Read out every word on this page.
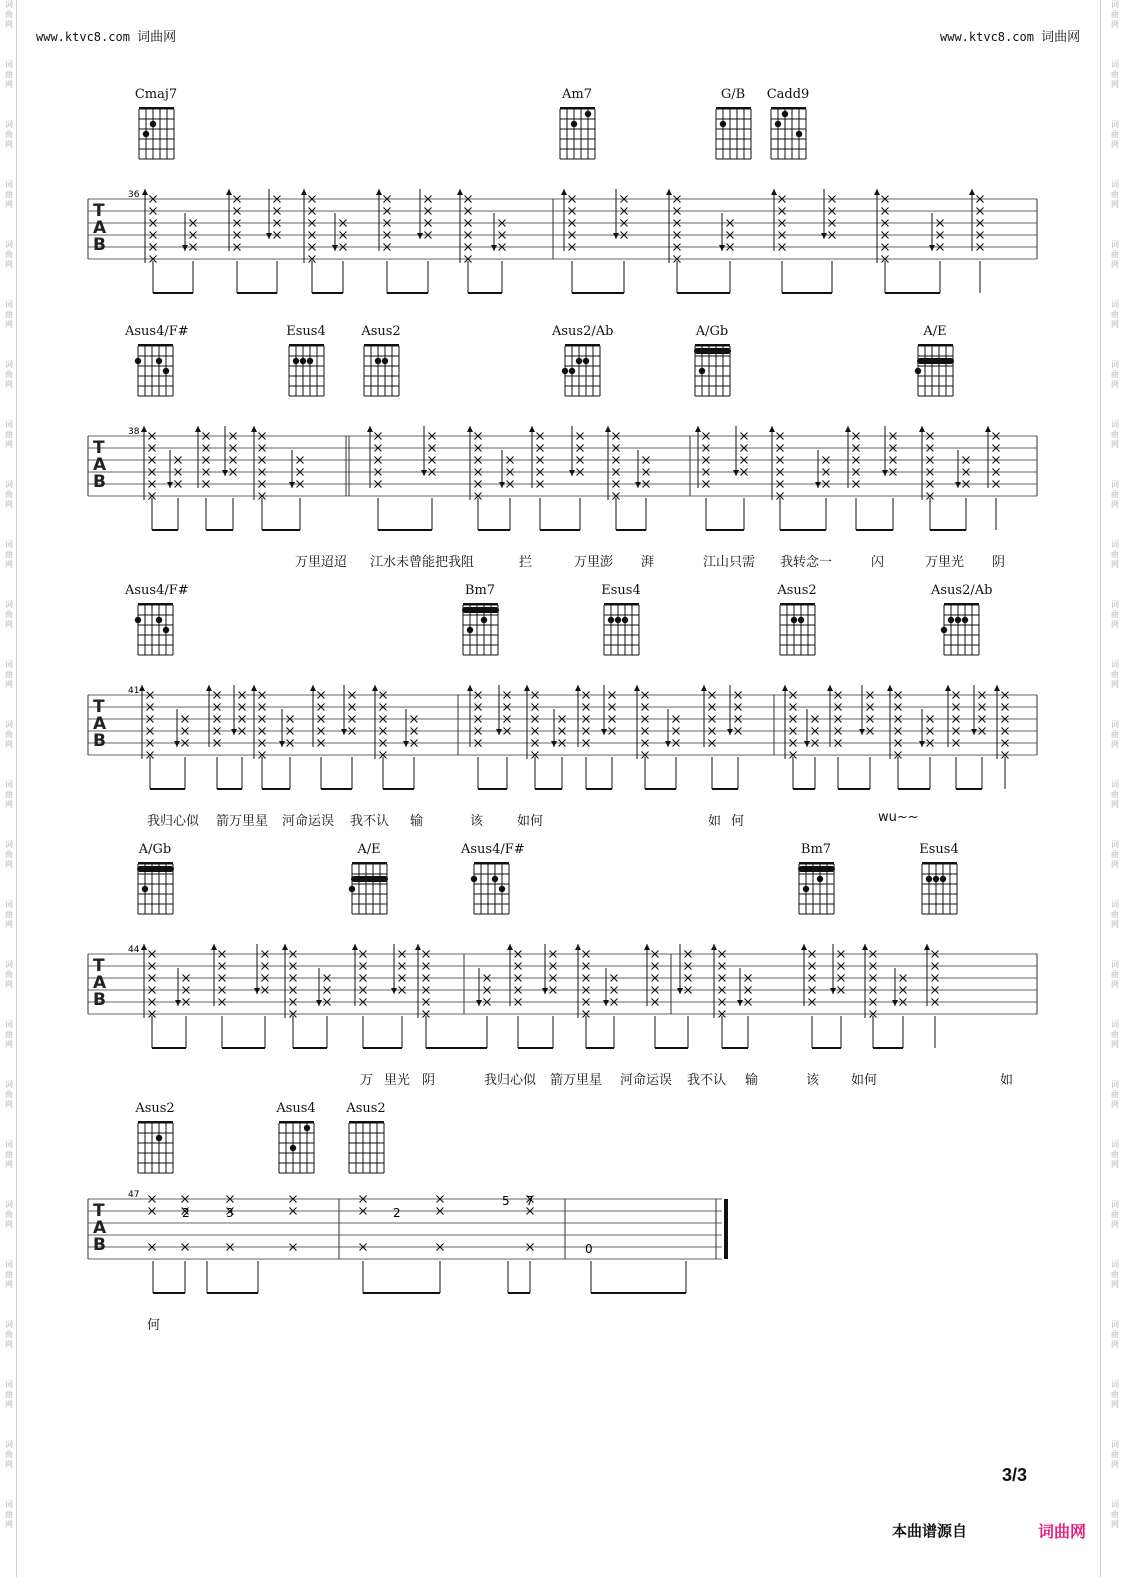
www.ktvc8.com 词曲网	www.ktvc8.com 词曲网
词
曲
网
词
曲
网
词
曲
网
词
曲
网
词
曲
网
词
曲
网
词
曲
网
词
曲
网
词
曲
网
词
曲
网
词
曲
网
词
曲
网
词
曲
网
词
曲
网
词
曲
网
词
曲
网
词
曲
网
词
曲
网
词
曲
网
词
曲
网
词
曲
网
词
曲
网
词
曲
网
词
曲
网
词
曲
网
词
曲
网
词
曲
网
词
曲
网
词
曲
网
词
曲
网
词
曲
网
词
曲
网
词
曲
网
词
曲
网
词
曲
网
词
曲
网
词
曲
网
词
曲
网
词
曲
网
词
曲
网
词
曲
网
词
曲
网
词
曲
网
词
曲
网
词
曲
网
词
曲
网
词
曲
网
词
曲
网
词
曲
网
词
曲
网
词
曲
网
词
曲
网
Cmaj7	Am7	G/B	Cadd9
Asus4/F#	Esus4	Asus2	Asus2/Ab	A/Gb	A/E
Asus4/F#	Bm7	Esus4	Asus2	Asus2/Ab
A/Gb	A/E	Asus4/F#	Bm7	Esus4
Asus2	Asus4	Asus2
T
A
B
T
A
B
T
A
B
T
A
B
T
A
B
36
38
41
44
47
2	3	2
5 7
0
万里迢迢 江水未曾能把我阻	拦	万里澎 湃	江山只需 我转念一	闪	万里光 阴
我归心似 箭万里星 河命运误 我不认 输	该	如何	如 何	wu~~
万 里光 阴	我归心似 箭万里星 河命运误 我不认 输	该 如何	如
何
3/3
本曲谱源自	词曲网
